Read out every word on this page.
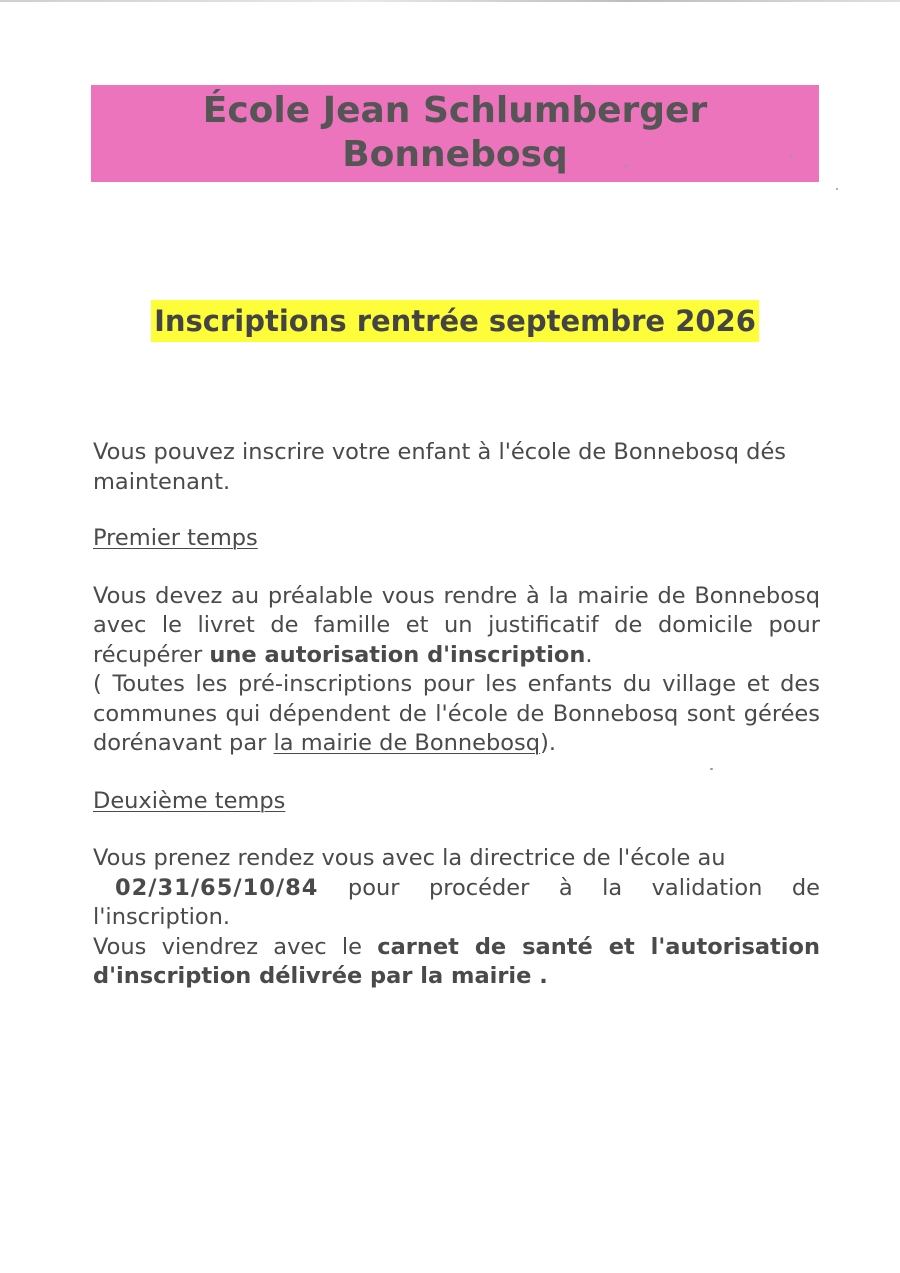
École Jean Schlumberger
Bonnebosq
Inscriptions rentrée septembre 2026

Vous pouvez inscrire votre enfant à l'école de Bonnebosq dés maintenant.

Premier temps

Vous devez au préalable vous rendre à la mairie de Bonnebosq avec le livret de famille et un justificatif de domicile pour récupérer une autorisation d'inscription.

( Toutes les pré-inscriptions pour les enfants du village et des communes qui dépendent de l'école de Bonnebosq sont gérées dorénavant par la mairie de Bonnebosq).

Deuxième temps

Vous prenez rendez vous avec la directrice de l'école au

02/31/65/10/84 pour procéder à la validation de l'inscription.

Vous viendrez avec le carnet de santé et l'autorisation d'inscription délivrée par la mairie .
